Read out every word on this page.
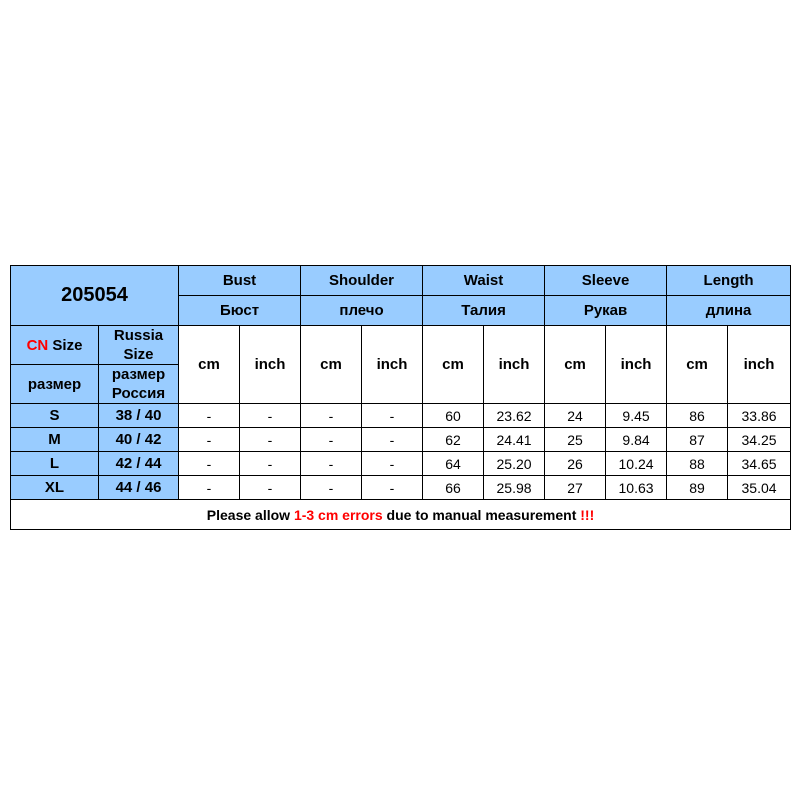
205054		Bust		Shoulder		Waist		Sleeve		Length	
		Бюст		плечо		Талия		Рукав		длина	
CN Size	Russia Size	cm	inch	cm	inch	cm	inch	cm	inch	cm	inch
размер	размер Россия										
S	38 / 40	-	-	-	-	60	23.62	24	9.45	86	33.86
M	40 / 42	-	-	-	-	62	24.41	25	9.84	87	34.25
L	42 / 44	-	-	-	-	64	25.20	26	10.24	88	34.65
XL	44 / 46	-	-	-	-	66	25.98	27	10.63	89	35.04
Please allow 1-3 cm errors due to manual measurement !!!											
